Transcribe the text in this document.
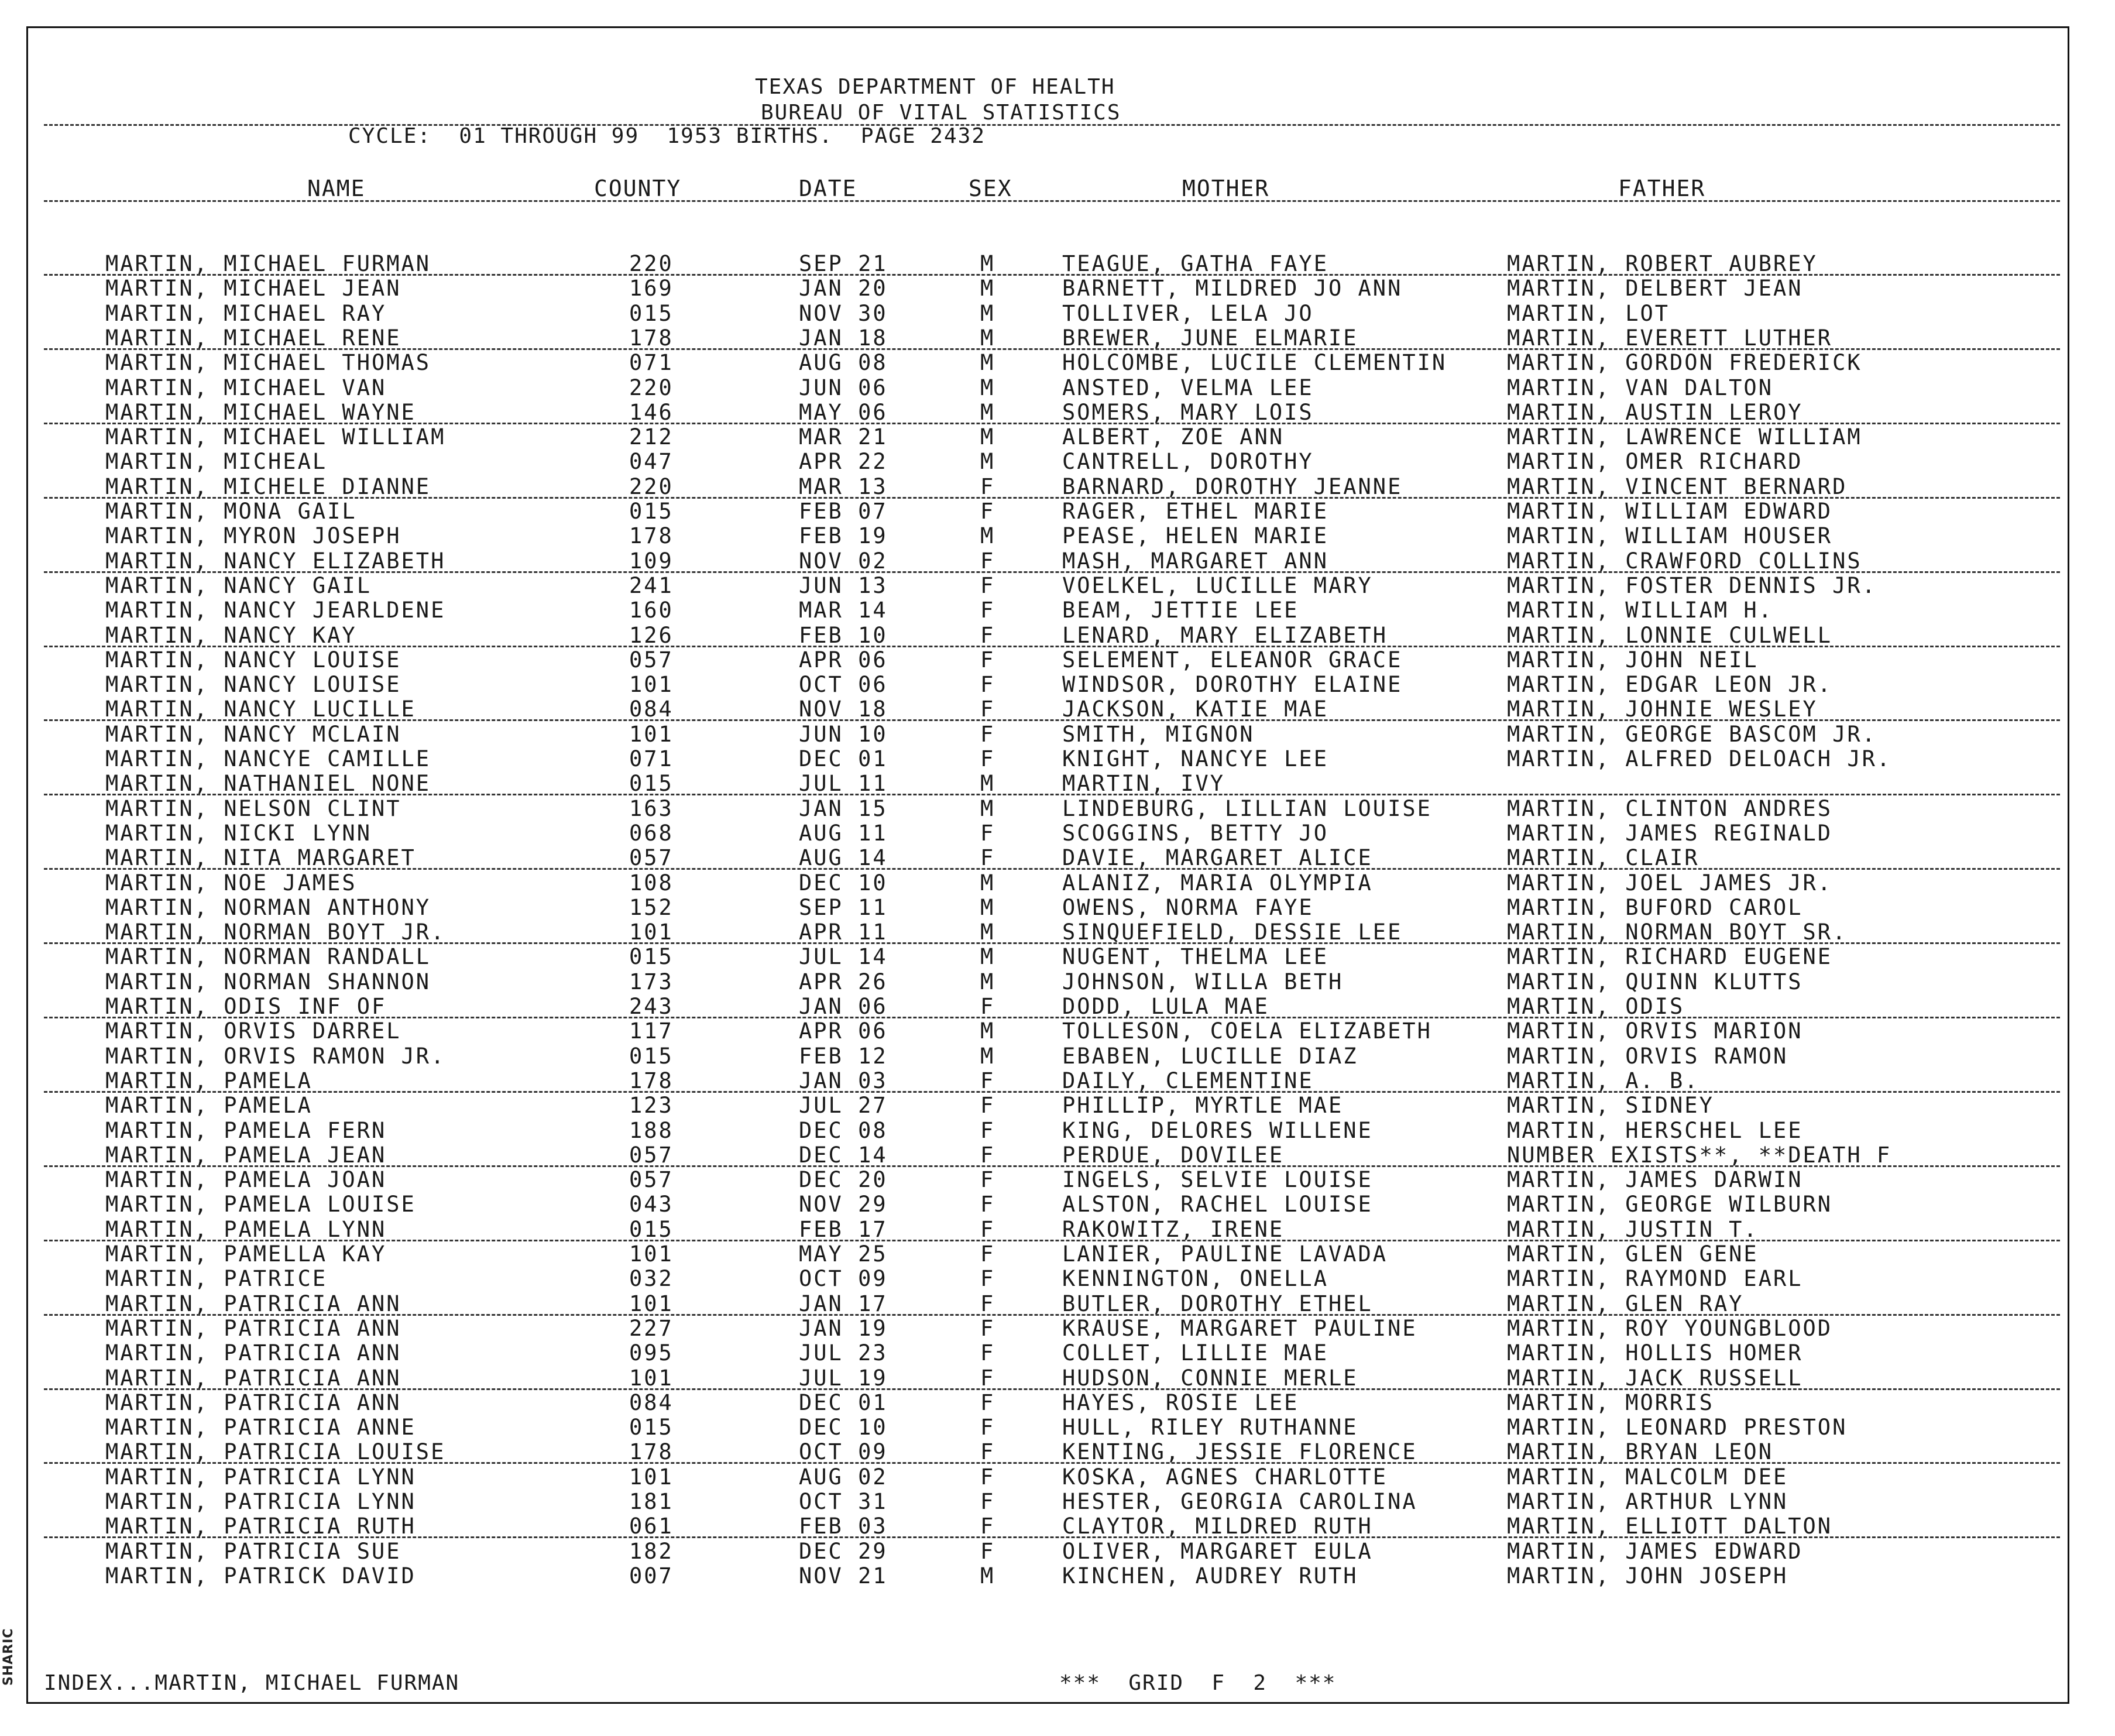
SHARIC
TEXAS DEPARTMENT OF HEALTH
BUREAU OF VITAL STATISTICS
CYCLE:  01 THROUGH 99  1953 BIRTHS.  PAGE 2432
NAME	COUNTY	DATE	SEX	MOTHER	FATHER
MARTIN, MICHAEL FURMAN	220	SEP 21	M	TEAGUE, GATHA FAYE	MARTIN, ROBERT AUBREY
MARTIN, MICHAEL JEAN	169	JAN 20	M	BARNETT, MILDRED JO ANN	MARTIN, DELBERT JEAN
MARTIN, MICHAEL RAY	015	NOV 30	M	TOLLIVER, LELA JO	MARTIN, LOT
MARTIN, MICHAEL RENE	178	JAN 18	M	BREWER, JUNE ELMARIE	MARTIN, EVERETT LUTHER
MARTIN, MICHAEL THOMAS	071	AUG 08	M	HOLCOMBE, LUCILE CLEMENTIN	MARTIN, GORDON FREDERICK
MARTIN, MICHAEL VAN	220	JUN 06	M	ANSTED, VELMA LEE	MARTIN, VAN DALTON
MARTIN, MICHAEL WAYNE	146	MAY 06	M	SOMERS, MARY LOIS	MARTIN, AUSTIN LEROY
MARTIN, MICHAEL WILLIAM	212	MAR 21	M	ALBERT, ZOE ANN	MARTIN, LAWRENCE WILLIAM
MARTIN, MICHEAL	047	APR 22	M	CANTRELL, DOROTHY	MARTIN, OMER RICHARD
MARTIN, MICHELE DIANNE	220	MAR 13	F	BARNARD, DOROTHY JEANNE	MARTIN, VINCENT BERNARD
MARTIN, MONA GAIL	015	FEB 07	F	RAGER, ETHEL MARIE	MARTIN, WILLIAM EDWARD
MARTIN, MYRON JOSEPH	178	FEB 19	M	PEASE, HELEN MARIE	MARTIN, WILLIAM HOUSER
MARTIN, NANCY ELIZABETH	109	NOV 02	F	MASH, MARGARET ANN	MARTIN, CRAWFORD COLLINS
MARTIN, NANCY GAIL	241	JUN 13	F	VOELKEL, LUCILLE MARY	MARTIN, FOSTER DENNIS JR.
MARTIN, NANCY JEARLDENE	160	MAR 14	F	BEAM, JETTIE LEE	MARTIN, WILLIAM H.
MARTIN, NANCY KAY	126	FEB 10	F	LENARD, MARY ELIZABETH	MARTIN, LONNIE CULWELL
MARTIN, NANCY LOUISE	057	APR 06	F	SELEMENT, ELEANOR GRACE	MARTIN, JOHN NEIL
MARTIN, NANCY LOUISE	101	OCT 06	F	WINDSOR, DOROTHY ELAINE	MARTIN, EDGAR LEON JR.
MARTIN, NANCY LUCILLE	084	NOV 18	F	JACKSON, KATIE MAE	MARTIN, JOHNIE WESLEY
MARTIN, NANCY MCLAIN	101	JUN 10	F	SMITH, MIGNON	MARTIN, GEORGE BASCOM JR.
MARTIN, NANCYE CAMILLE	071	DEC 01	F	KNIGHT, NANCYE LEE	MARTIN, ALFRED DELOACH JR.
MARTIN, NATHANIEL NONE	015	JUL 11	M	MARTIN, IVY
MARTIN, NELSON CLINT	163	JAN 15	M	LINDEBURG, LILLIAN LOUISE	MARTIN, CLINTON ANDRES
MARTIN, NICKI LYNN	068	AUG 11	F	SCOGGINS, BETTY JO	MARTIN, JAMES REGINALD
MARTIN, NITA MARGARET	057	AUG 14	F	DAVIE, MARGARET ALICE	MARTIN, CLAIR
MARTIN, NOE JAMES	108	DEC 10	M	ALANIZ, MARIA OLYMPIA	MARTIN, JOEL JAMES JR.
MARTIN, NORMAN ANTHONY	152	SEP 11	M	OWENS, NORMA FAYE	MARTIN, BUFORD CAROL
MARTIN, NORMAN BOYT JR.	101	APR 11	M	SINQUEFIELD, DESSIE LEE	MARTIN, NORMAN BOYT SR.
MARTIN, NORMAN RANDALL	015	JUL 14	M	NUGENT, THELMA LEE	MARTIN, RICHARD EUGENE
MARTIN, NORMAN SHANNON	173	APR 26	M	JOHNSON, WILLA BETH	MARTIN, QUINN KLUTTS
MARTIN, ODIS INF OF	243	JAN 06	F	DODD, LULA MAE	MARTIN, ODIS
MARTIN, ORVIS DARREL	117	APR 06	M	TOLLESON, COELA ELIZABETH	MARTIN, ORVIS MARION
MARTIN, ORVIS RAMON JR.	015	FEB 12	M	EBABEN, LUCILLE DIAZ	MARTIN, ORVIS RAMON
MARTIN, PAMELA	178	JAN 03	F	DAILY, CLEMENTINE	MARTIN, A. B.
MARTIN, PAMELA	123	JUL 27	F	PHILLIP, MYRTLE MAE	MARTIN, SIDNEY
MARTIN, PAMELA FERN	188	DEC 08	F	KING, DELORES WILLENE	MARTIN, HERSCHEL LEE
MARTIN, PAMELA JEAN	057	DEC 14	F	PERDUE, DOVILEE	NUMBER EXISTS**, **DEATH F
MARTIN, PAMELA JOAN	057	DEC 20	F	INGELS, SELVIE LOUISE	MARTIN, JAMES DARWIN
MARTIN, PAMELA LOUISE	043	NOV 29	F	ALSTON, RACHEL LOUISE	MARTIN, GEORGE WILBURN
MARTIN, PAMELA LYNN	015	FEB 17	F	RAKOWITZ, IRENE	MARTIN, JUSTIN T.
MARTIN, PAMELLA KAY	101	MAY 25	F	LANIER, PAULINE LAVADA	MARTIN, GLEN GENE
MARTIN, PATRICE	032	OCT 09	F	KENNINGTON, ONELLA	MARTIN, RAYMOND EARL
MARTIN, PATRICIA ANN	101	JAN 17	F	BUTLER, DOROTHY ETHEL	MARTIN, GLEN RAY
MARTIN, PATRICIA ANN	227	JAN 19	F	KRAUSE, MARGARET PAULINE	MARTIN, ROY YOUNGBLOOD
MARTIN, PATRICIA ANN	095	JUL 23	F	COLLET, LILLIE MAE	MARTIN, HOLLIS HOMER
MARTIN, PATRICIA ANN	101	JUL 19	F	HUDSON, CONNIE MERLE	MARTIN, JACK RUSSELL
MARTIN, PATRICIA ANN	084	DEC 01	F	HAYES, ROSIE LEE	MARTIN, MORRIS
MARTIN, PATRICIA ANNE	015	DEC 10	F	HULL, RILEY RUTHANNE	MARTIN, LEONARD PRESTON
MARTIN, PATRICIA LOUISE	178	OCT 09	F	KENTING, JESSIE FLORENCE	MARTIN, BRYAN LEON
MARTIN, PATRICIA LYNN	101	AUG 02	F	KOSKA, AGNES CHARLOTTE	MARTIN, MALCOLM DEE
MARTIN, PATRICIA LYNN	181	OCT 31	F	HESTER, GEORGIA CAROLINA	MARTIN, ARTHUR LYNN
MARTIN, PATRICIA RUTH	061	FEB 03	F	CLAYTOR, MILDRED RUTH	MARTIN, ELLIOTT DALTON
MARTIN, PATRICIA SUE	182	DEC 29	F	OLIVER, MARGARET EULA	MARTIN, JAMES EDWARD
MARTIN, PATRICK DAVID	007	NOV 21	M	KINCHEN, AUDREY RUTH	MARTIN, JOHN JOSEPH
INDEX...MARTIN, MICHAEL FURMAN	***  GRID  F  2  ***
